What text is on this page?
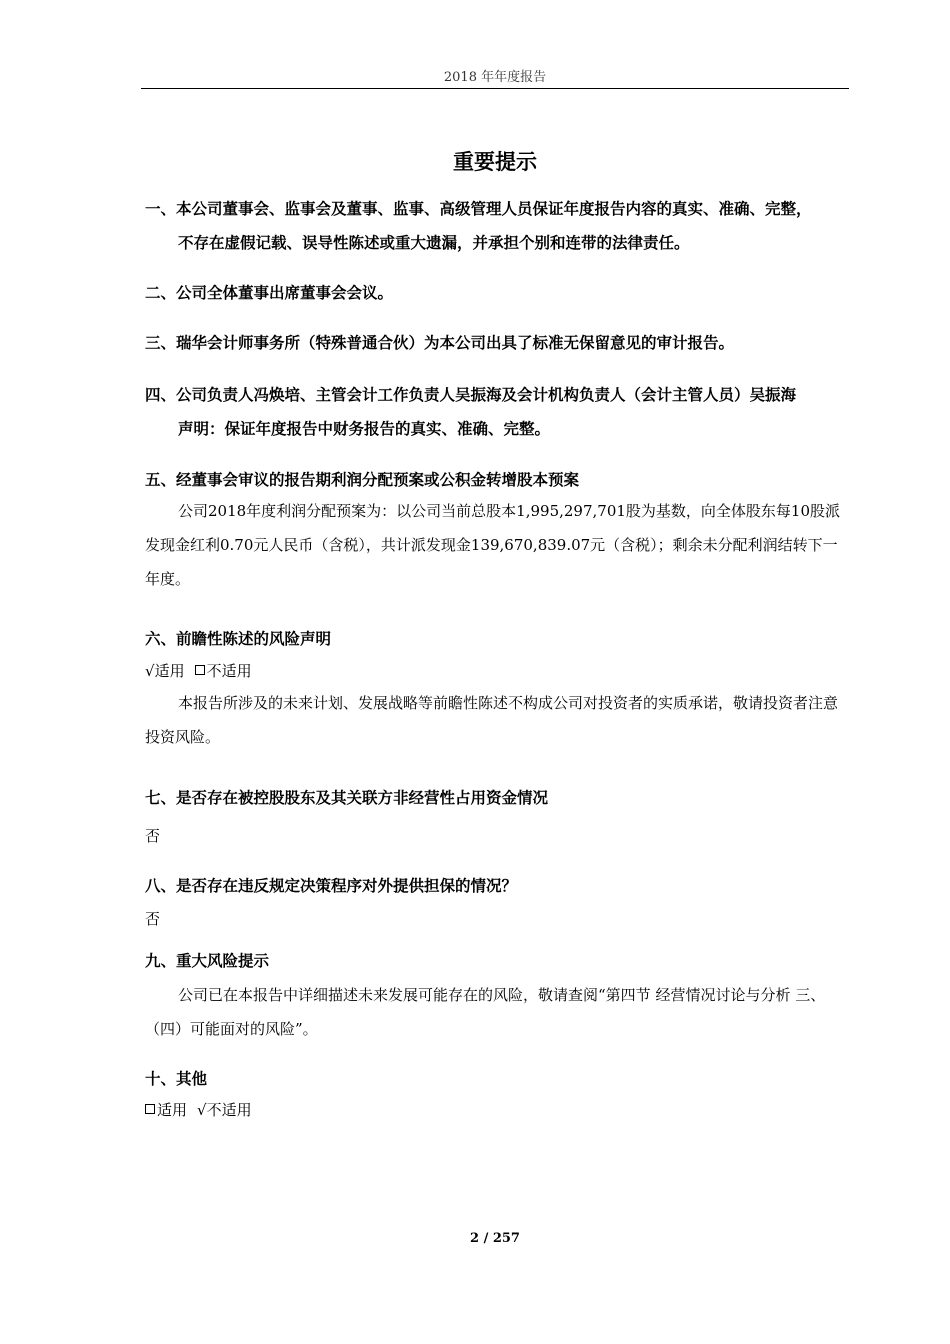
2018 年年度报告
重要提示
一、本公司董事会、监事会及董事、监事、高级管理人员保证年度报告内容的真实、准确、完整，
不存在虚假记载、误导性陈述或重大遗漏，并承担个别和连带的法律责任。
二、公司全体董事出席董事会会议。
三、瑞华会计师事务所（特殊普通合伙）为本公司出具了标准无保留意见的审计报告。
四、公司负责人冯焕培、主管会计工作负责人吴振海及会计机构负责人（会计主管人员）吴振海
声明：保证年度报告中财务报告的真实、准确、完整。
五、经董事会审议的报告期利润分配预案或公积金转增股本预案
公司2018年度利润分配预案为：以公司当前总股本1,995,297,701股为基数，向全体股东每10股派发现金红利0.70元人民币（含税），共计派发现金139,670,839.07元（含税）；剩余未分配利润结转下一年度。
六、前瞻性陈述的风险声明
√适用 不适用
本报告所涉及的未来计划、发展战略等前瞻性陈述不构成公司对投资者的实质承诺，敬请投资者注意投资风险。
七、是否存在被控股股东及其关联方非经营性占用资金情况
否
八、是否存在违反规定决策程序对外提供担保的情况？
否
九、重大风险提示
公司已在本报告中详细描述未来发展可能存在的风险，敬请查阅“第四节 经营情况讨论与分析 三、（四）可能面对的风险”。
十、其他
适用 √不适用
2 / 257
